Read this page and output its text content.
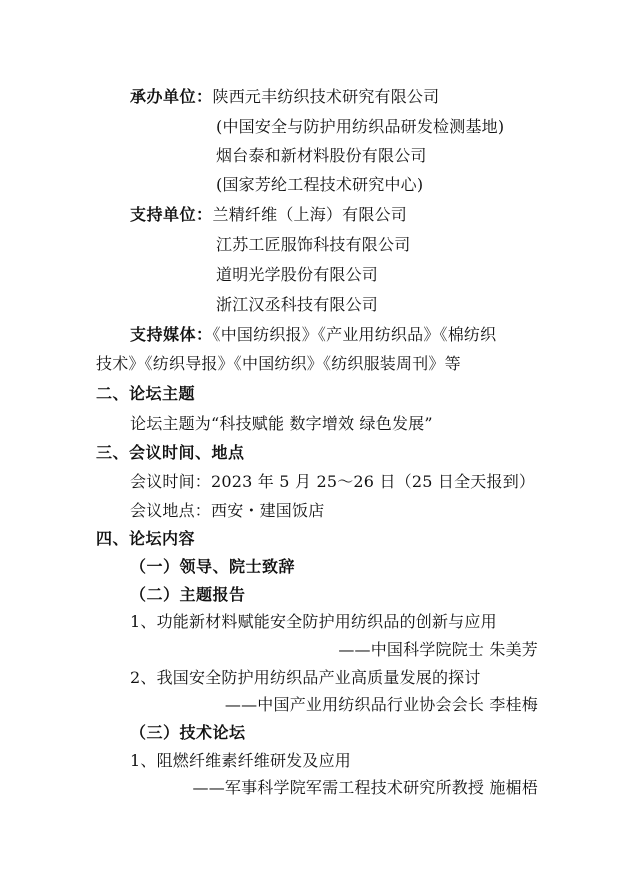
承办单位：陕西元丰纺织技术研究有限公司
(中国安全与防护用纺织品研发检测基地)
烟台泰和新材料股份有限公司
(国家芳纶工程技术研究中心)
支持单位：兰精纤维（上海）有限公司
江苏工匠服饰科技有限公司
道明光学股份有限公司
浙江汉丞科技有限公司
支持媒体：《中国纺织报》《产业用纺织品》《棉纺织
技术》《纺织导报》《中国纺织》《纺织服装周刊》等
二、论坛主题
论坛主题为“科技赋能 数字增效 绿色发展”
三、会议时间、地点
会议时间：2023 年 5 月 25～26 日（25 日全天报到）
会议地点：西安・建国饭店
四、论坛内容
（一）领导、院士致辞
（二）主题报告
1、功能新材料赋能安全防护用纺织品的创新与应用
——中国科学院院士 朱美芳
2、我国安全防护用纺织品产业高质量发展的探讨
——中国产业用纺织品行业协会会长 李桂梅
（三）技术论坛
1、阻燃纤维素纤维研发及应用
——军事科学院军需工程技术研究所教授 施楣梧
